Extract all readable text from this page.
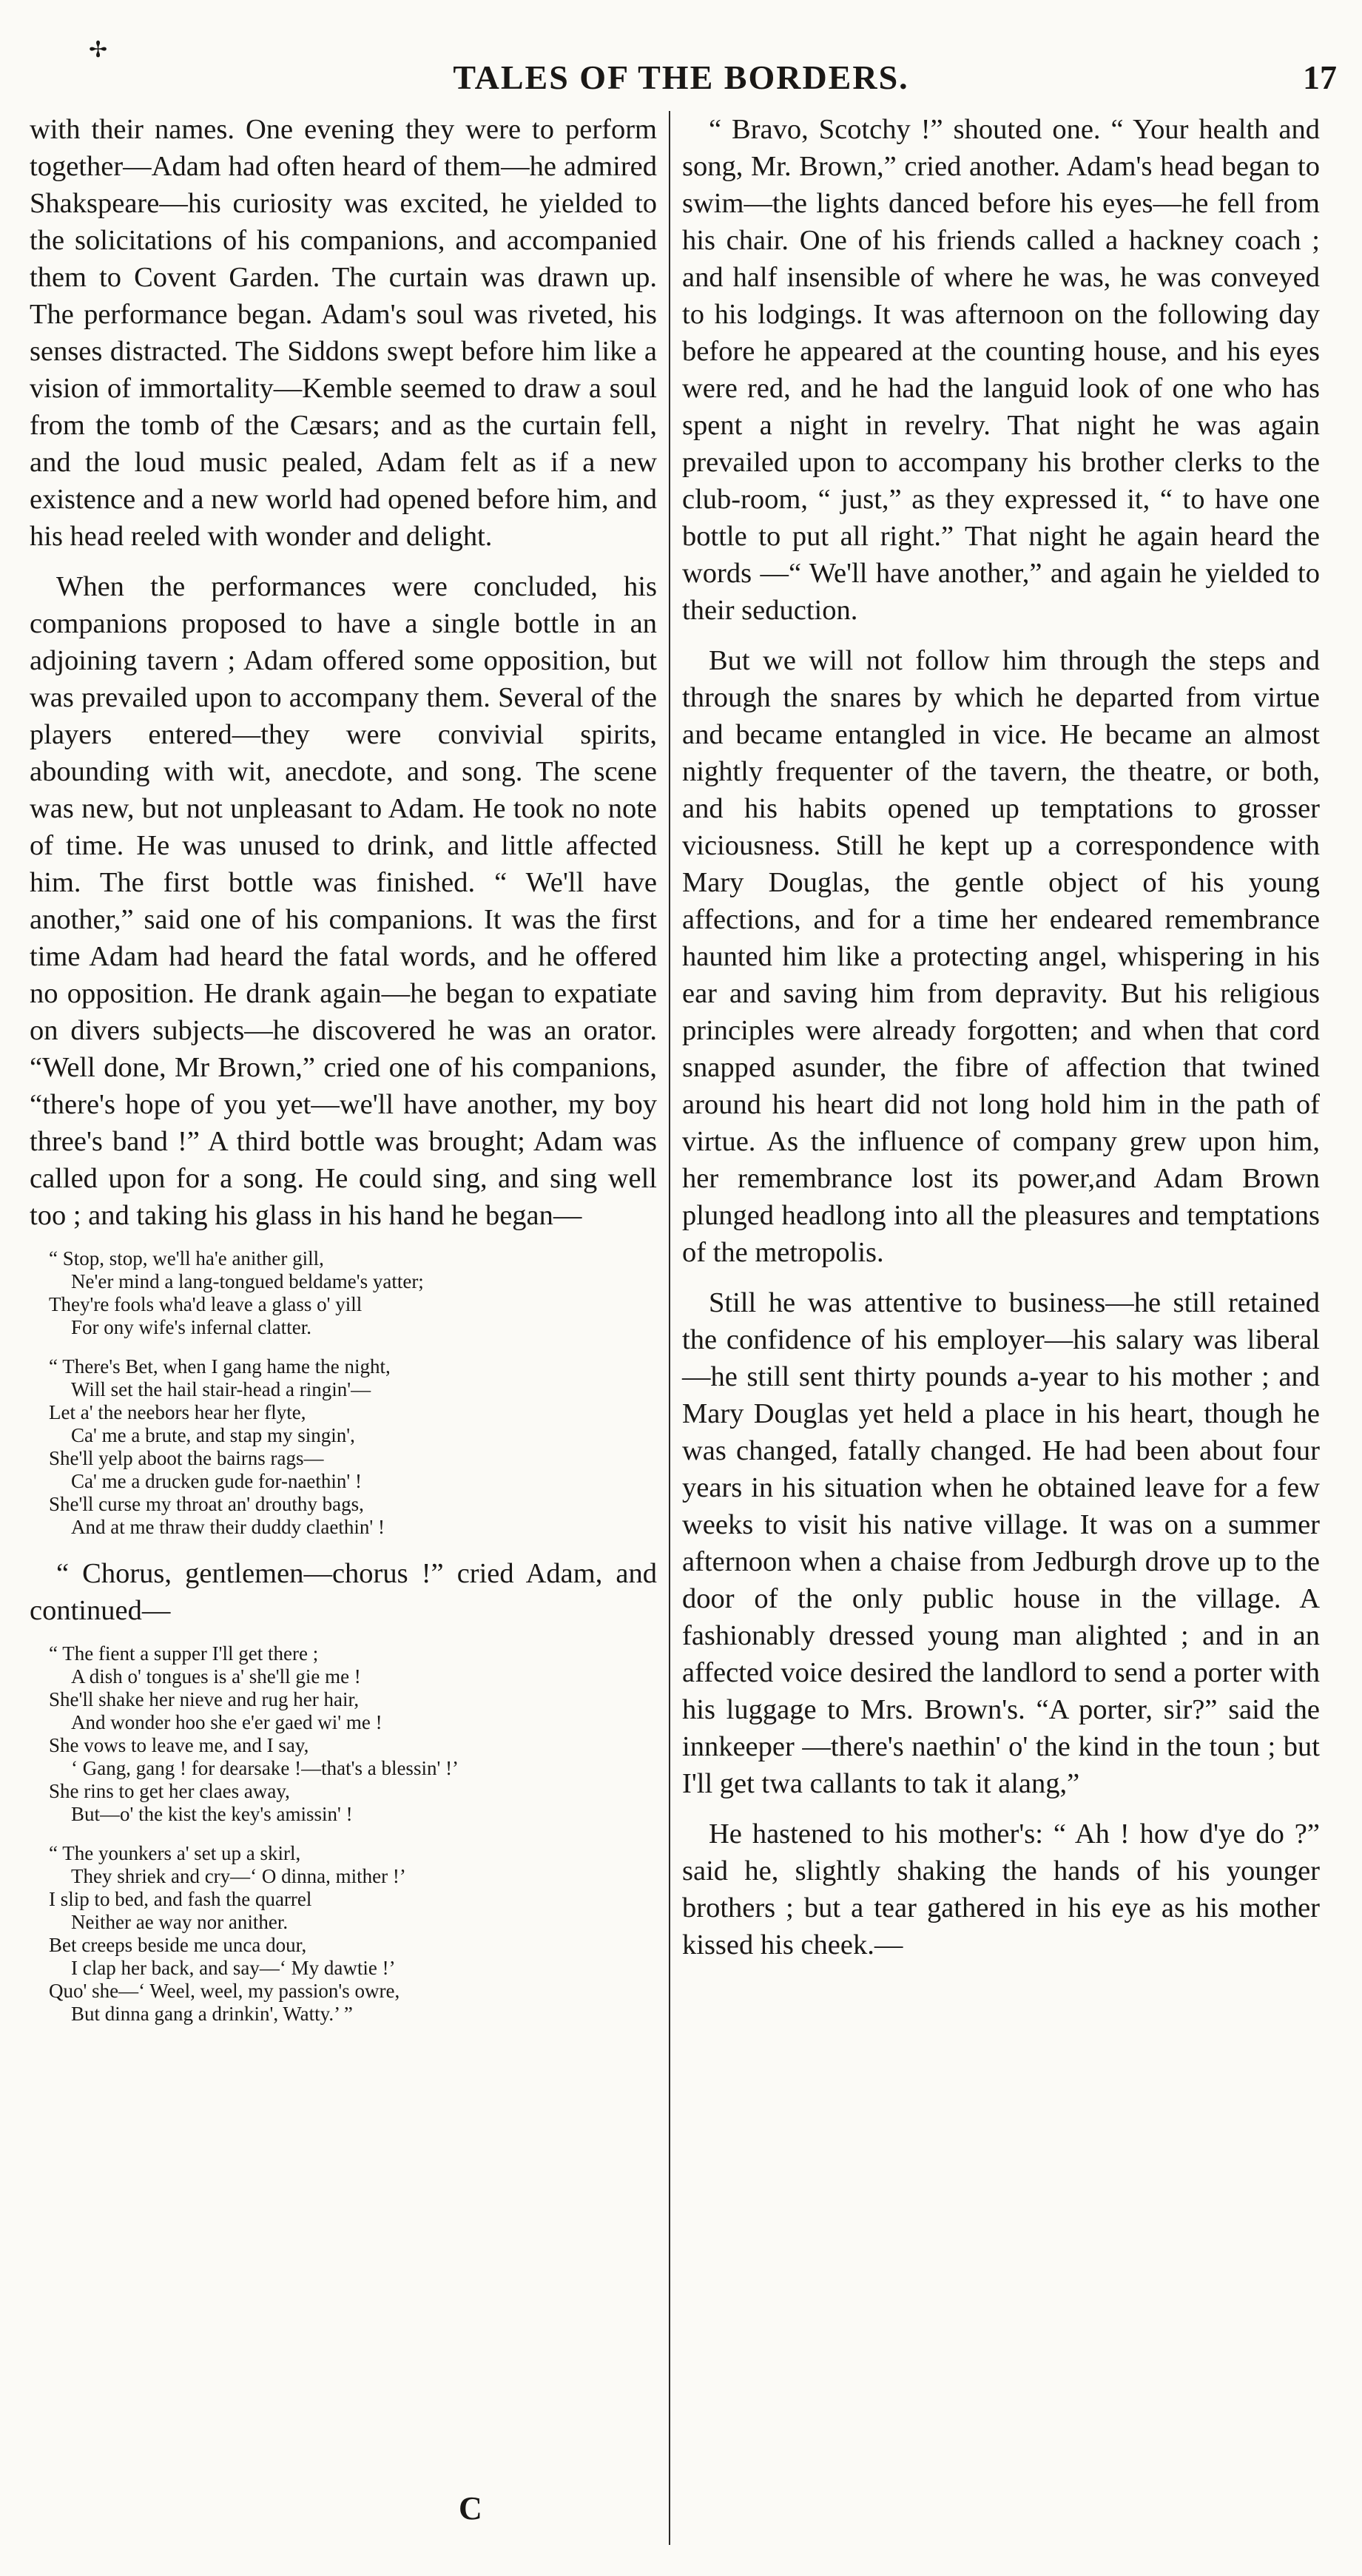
✢
TALES OF THE BORDERS.	17

with their names. One evening they were to perform together—Adam had often heard of them—he admired Shakspeare—his curiosity was excited, he yielded to the solicitations of his companions, and accompanied them to Covent Garden. The curtain was drawn up. The performance began. Adam's soul was riveted, his senses distracted. The Siddons swept before him like a vision of immortality—Kemble seemed to draw a soul from the tomb of the Cæsars; and as the curtain fell, and the loud music pealed, Adam felt as if a new existence and a new world had opened before him, and his head reeled with wonder and delight.

When the performances were concluded, his companions proposed to have a single bottle in an adjoining tavern ; Adam offered some opposition, but was prevailed upon to accompany them. Several of the players entered—they were convivial spirits, abounding with wit, anecdote, and song. The scene was new, but not unpleasant to Adam. He took no note of time. He was unused to drink, and little affected him. The first bottle was finished. “ We'll have another,” said one of his companions. It was the first time Adam had heard the fatal words, and he offered no opposition. He drank again—he began to expatiate on divers subjects—he discovered he was an orator. “Well done, Mr Brown,” cried one of his companions, “there's hope of you yet—we'll have another, my boy three's band !” A third bottle was brought; Adam was called upon for a song. He could sing, and sing well too ; and taking his glass in his hand he began—

“ Stop, stop, we'll ha'e anither gill,
Ne'er mind a lang-tongued beldame's yatter;
They're fools wha'd leave a glass o' yill
For ony wife's infernal clatter.
“ There's Bet, when I gang hame the night,
Will set the hail stair-head a ringin'—
Let a' the neebors hear her flyte,
Ca' me a brute, and stap my singin',
She'll yelp aboot the bairns rags—
Ca' me a drucken gude for-naethin' !
She'll curse my throat an' drouthy bags,
And at me thraw their duddy claethin' !

“ Chorus, gentlemen—chorus !” cried Adam, and continued—

“ The fient a supper I'll get there ;
A dish o' tongues is a' she'll gie me !
She'll shake her nieve and rug her hair,
And wonder hoo she e'er gaed wi' me !
She vows to leave me, and I say,
‘ Gang, gang ! for dearsake !—that's a blessin' !’
She rins to get her claes away,
But—o' the kist the key's amissin' !
“ The younkers a' set up a skirl,
They shriek and cry—‘ O dinna, mither !’
I slip to bed, and fash the quarrel
Neither ae way nor anither.
Bet creeps beside me unca dour,
I clap her back, and say—‘ My dawtie !’
Quo' she—‘ Weel, weel, my passion's owre,
But dinna gang a drinkin', Watty.’ ”

“ Bravo, Scotchy !” shouted one. “ Your health and song, Mr. Brown,” cried another. Adam's head began to swim—the lights danced before his eyes—he fell from his chair. One of his friends called a hackney coach ; and half insensible of where he was, he was conveyed to his lodgings. It was afternoon on the following day before he appeared at the counting house, and his eyes were red, and he had the languid look of one who has spent a night in revelry. That night he was again prevailed upon to accompany his brother clerks to the club-room, “ just,” as they expressed it, “ to have one bottle to put all right.” That night he again heard the words —“ We'll have another,” and again he yielded to their seduction.

But we will not follow him through the steps and through the snares by which he departed from virtue and became entangled in vice. He became an almost nightly frequenter of the tavern, the theatre, or both, and his habits opened up temptations to grosser viciousness. Still he kept up a correspondence with Mary Douglas, the gentle object of his young affections, and for a time her endeared remembrance haunted him like a protecting angel, whispering in his ear and saving him from depravity. But his religious principles were already forgotten; and when that cord snapped asunder, the fibre of affection that twined around his heart did not long hold him in the path of virtue. As the influence of company grew upon him, her remembrance lost its power,and Adam Brown plunged headlong into all the pleasures and temptations of the metropolis.

Still he was attentive to business—he still retained the confidence of his employer—his salary was liberal—he still sent thirty pounds a-year to his mother ; and Mary Douglas yet held a place in his heart, though he was changed, fatally changed. He had been about four years in his situation when he obtained leave for a few weeks to visit his native village. It was on a summer afternoon when a chaise from Jedburgh drove up to the door of the only public house in the village. A fashionably dressed young man alighted ; and in an affected voice desired the landlord to send a porter with his luggage to Mrs. Brown's. “A porter, sir?” said the innkeeper —there's naethin' o' the kind in the toun ; but I'll get twa callants to tak it alang,”

He hastened to his mother's: “ Ah ! how d'ye do ?” said he, slightly shaking the hands of his younger brothers ; but a tear gathered in his eye as his mother kissed his cheek.—

C
